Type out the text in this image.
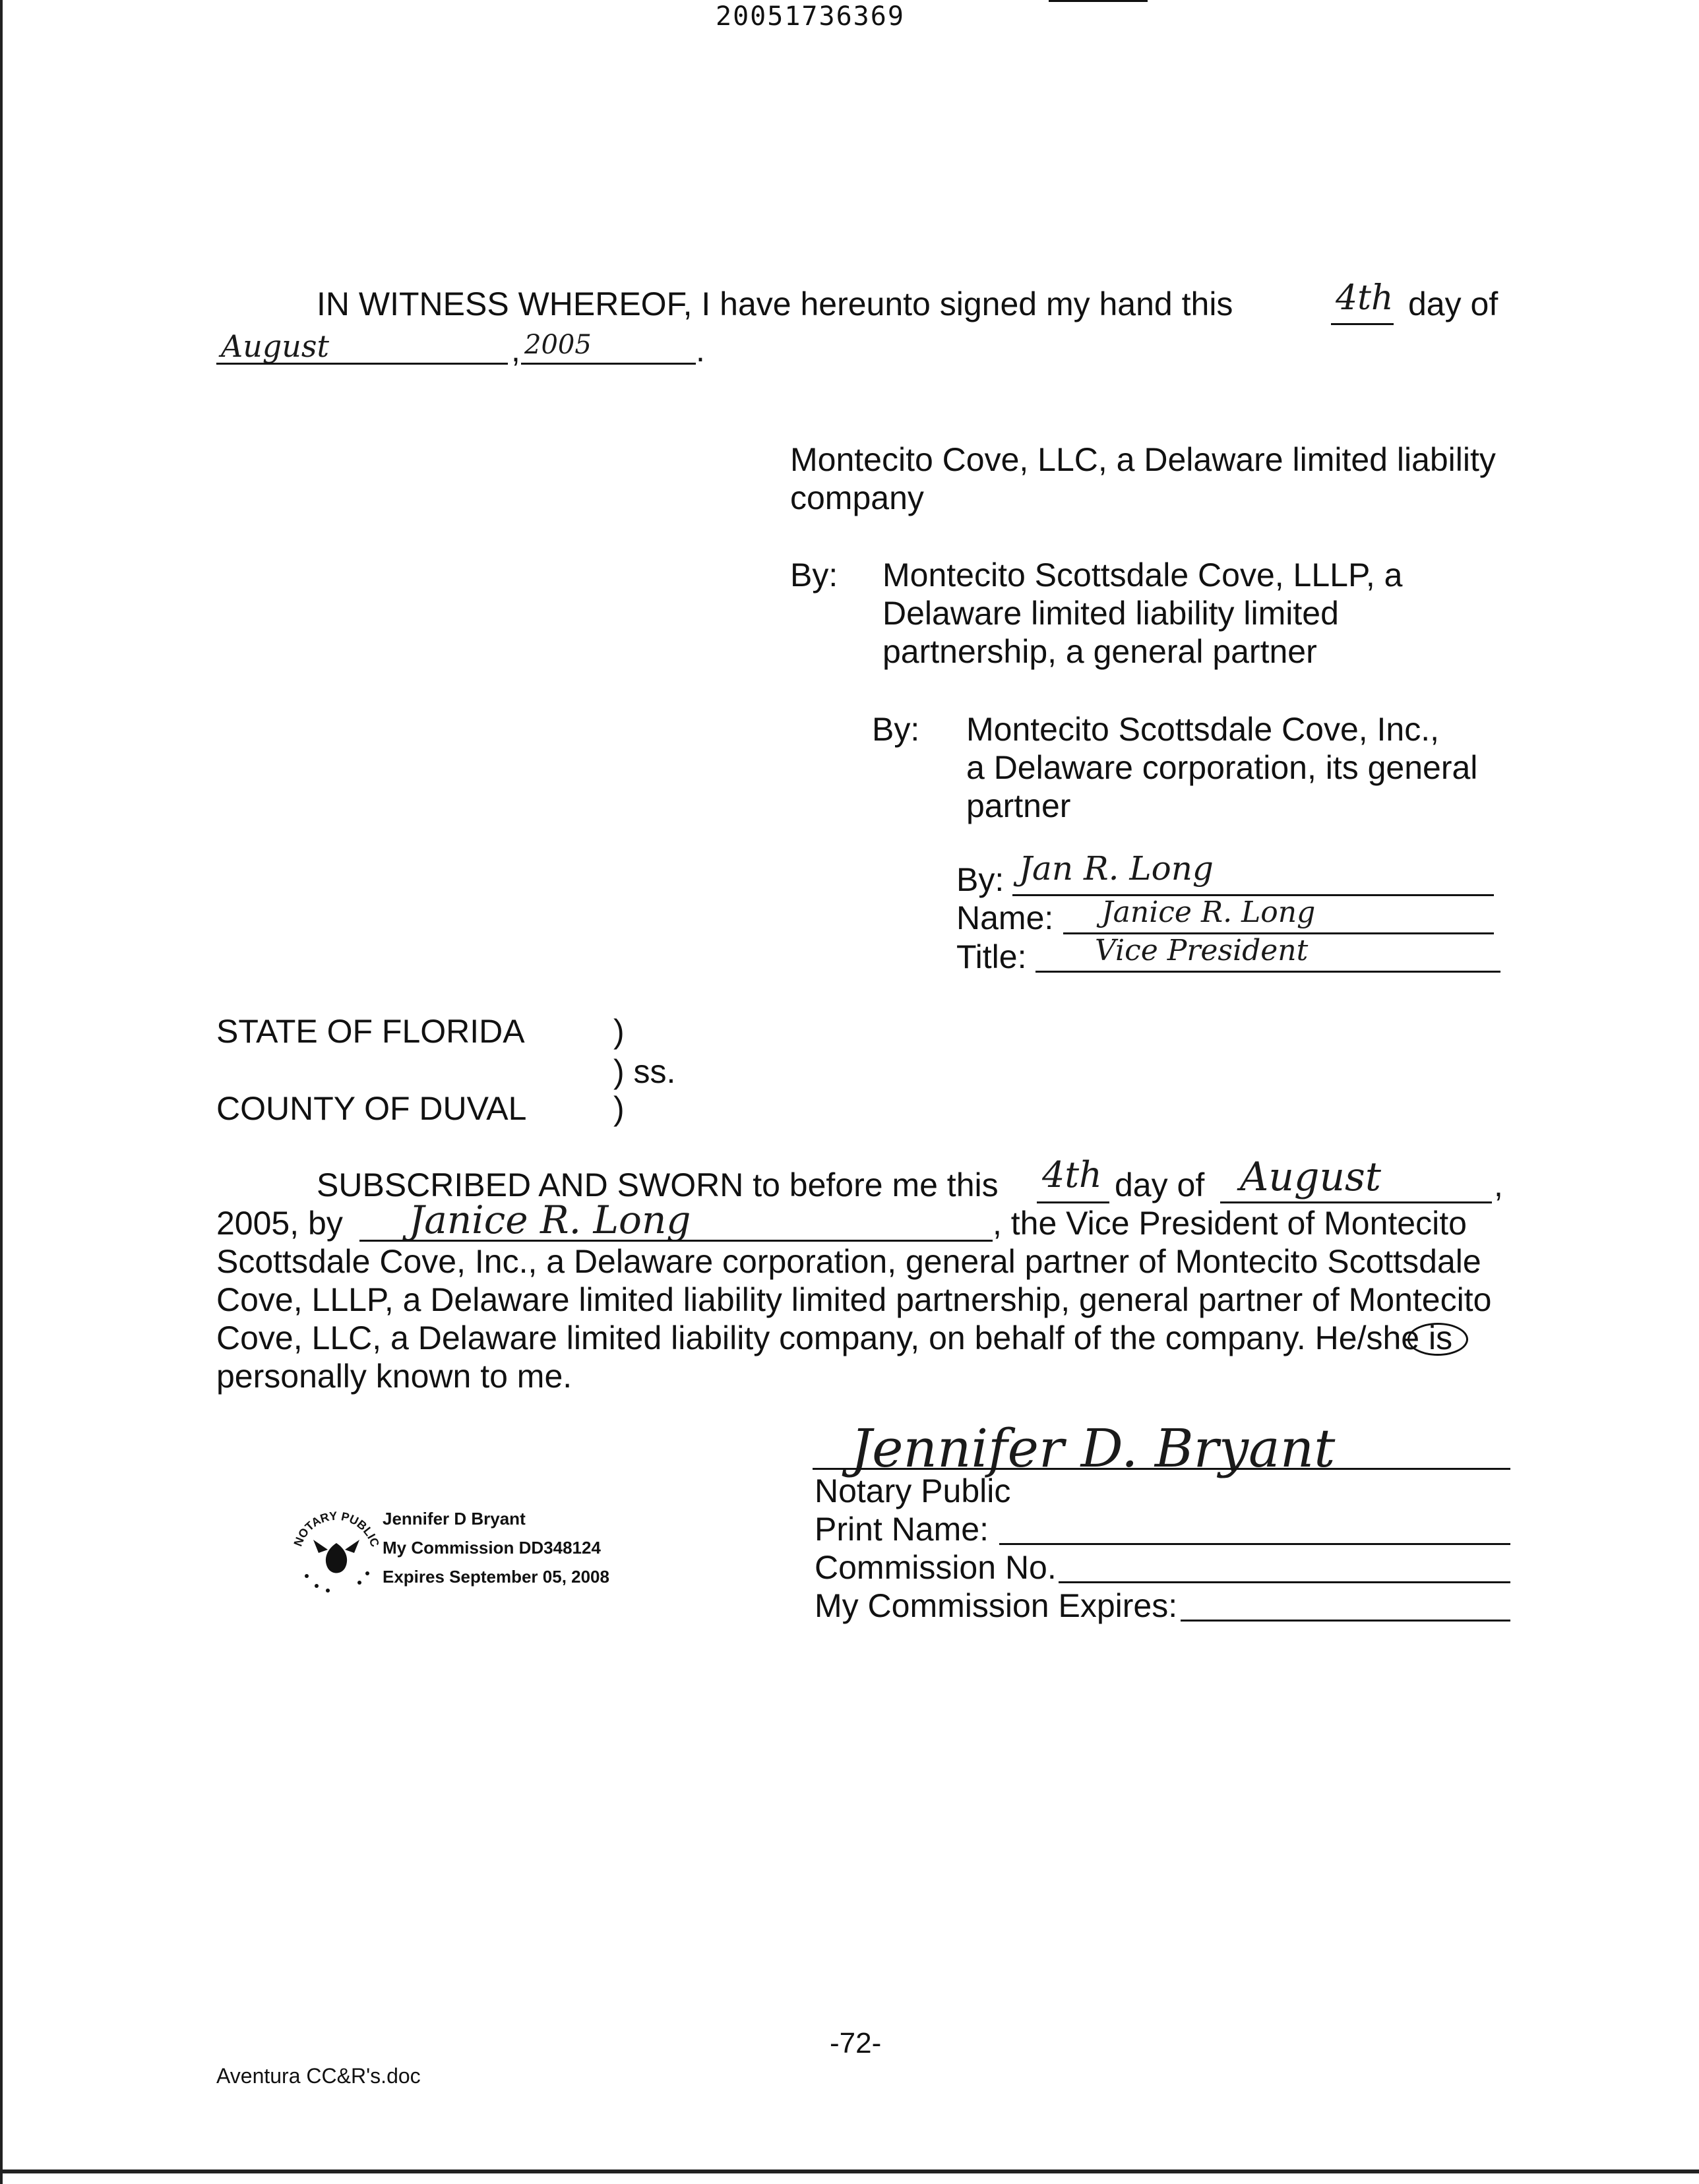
20051736369
IN WITNESS WHEREOF, I have hereunto signed my hand this	4th day of
August	, 2005	.
Montecito Cove, LLC, a Delaware limited liability
company
By: Montecito Scottsdale Cove, LLLP, a
Delaware limited liability limited
partnership, a general partner
By: Montecito Scottsdale Cove, Inc.,
a Delaware corporation, its general
partner
By: Jan R. Long
Name: Janice R. Long
Title: Vice President
STATE OF FLORIDA	)
) ss.
COUNTY OF DUVAL	)
SUBSCRIBED AND SWORN to before me this 4th day of August	,
2005, by Janice R. Long	, the Vice President of Montecito
Scottsdale Cove, Inc., a Delaware corporation, general partner of Montecito Scottsdale
Cove, LLLP, a Delaware limited liability limited partnership, general partner of Montecito
Cove, LLC, a Delaware limited liability company, on behalf of the company. He/she is
personally known to me.
Jennifer D. Bryant
Notary Public
Print Name:
Commission No.
My Commission Expires:
NOTARY PUBLIC
Jennifer D Bryant
My Commission DD348124
Expires September 05, 2008
-72-
Aventura CC&R's.doc
